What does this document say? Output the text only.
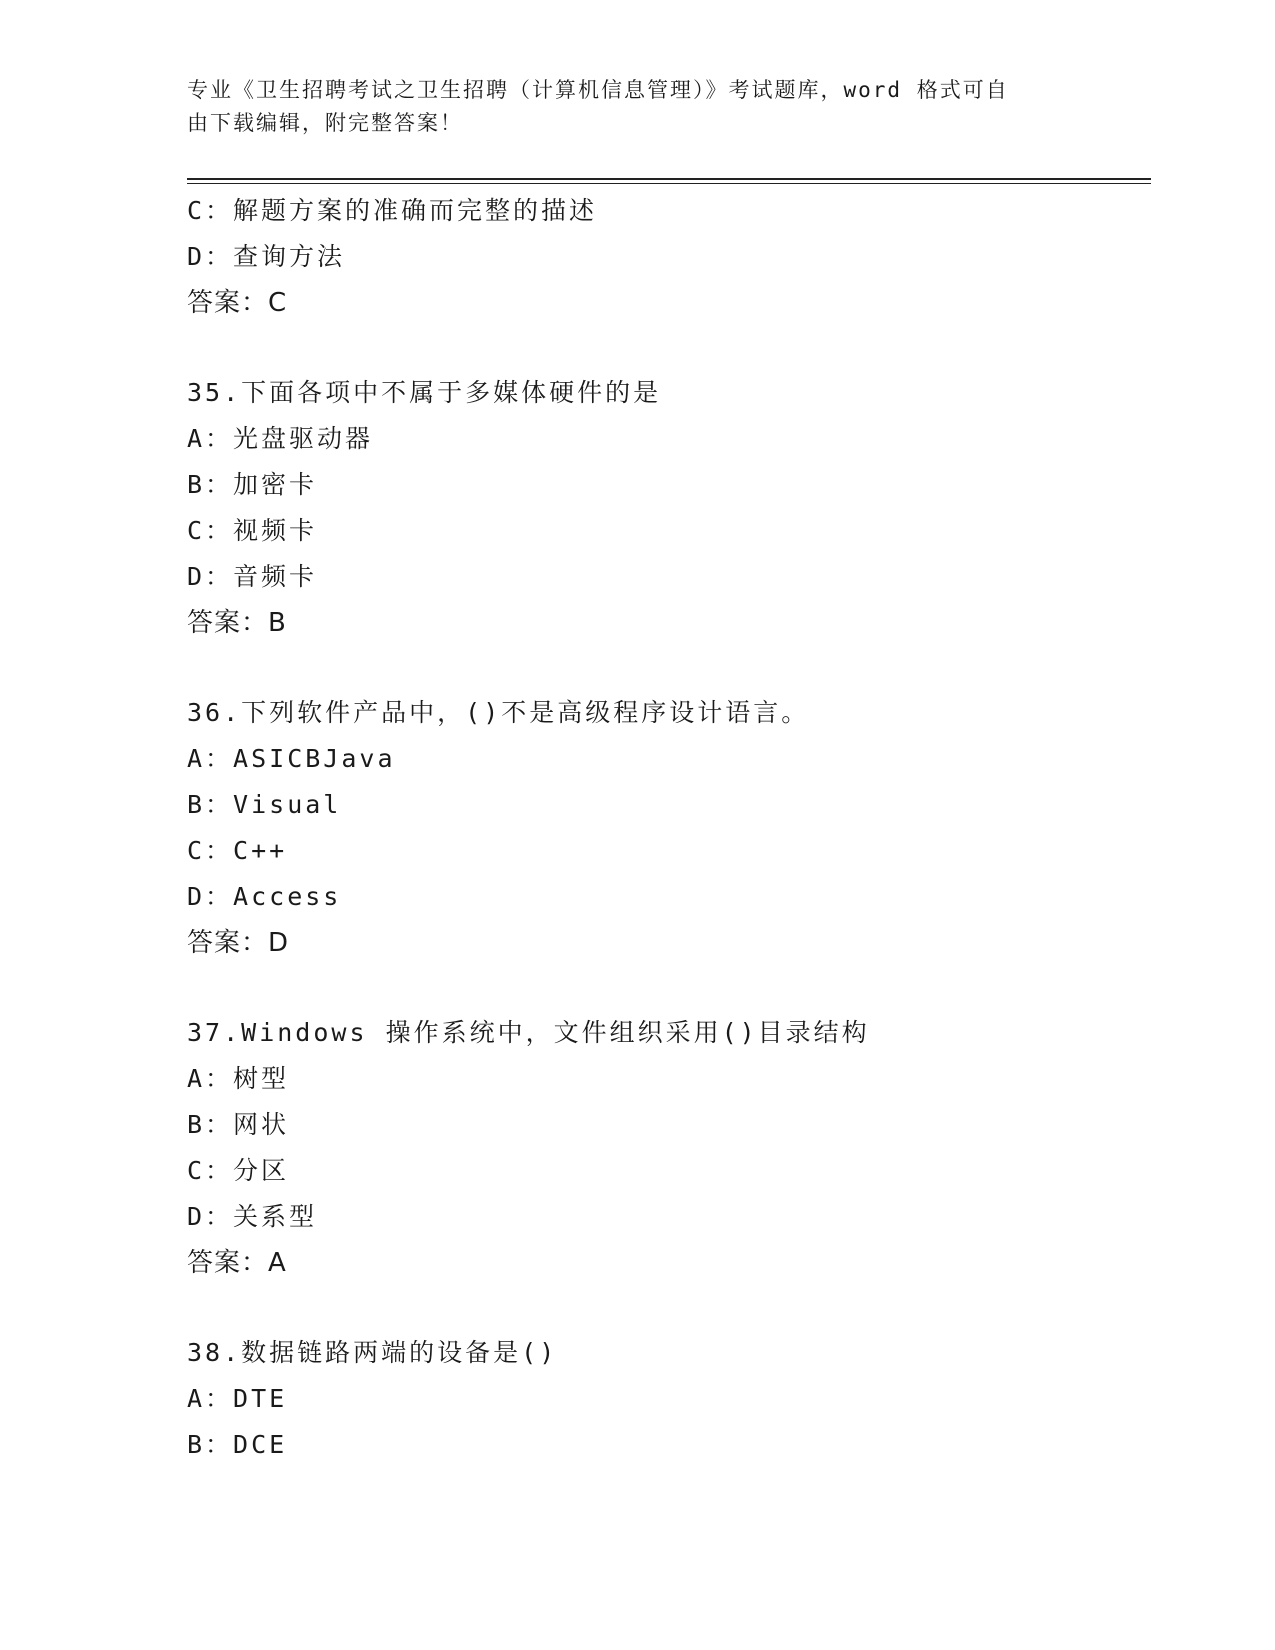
专业《卫生招聘考试之卫生招聘（计算机信息管理）》考试题库，word 格式可自
由下载编辑，附完整答案！
C：解题方案的准确而完整的描述
D：查询方法
答案：C
35.下面各项中不属于多媒体硬件的是
A：光盘驱动器
B：加密卡
C：视频卡
D：音频卡
答案：B
36.下列软件产品中，()不是高级程序设计语言。
A：ASICBJava
B：Visual
C：C++
D：Access
答案：D
37.Windows 操作系统中，文件组织采用()目录结构
A：树型
B：网状
C：分区
D：关系型
答案：A
38.数据链路两端的设备是()
A：DTE
B：DCE
